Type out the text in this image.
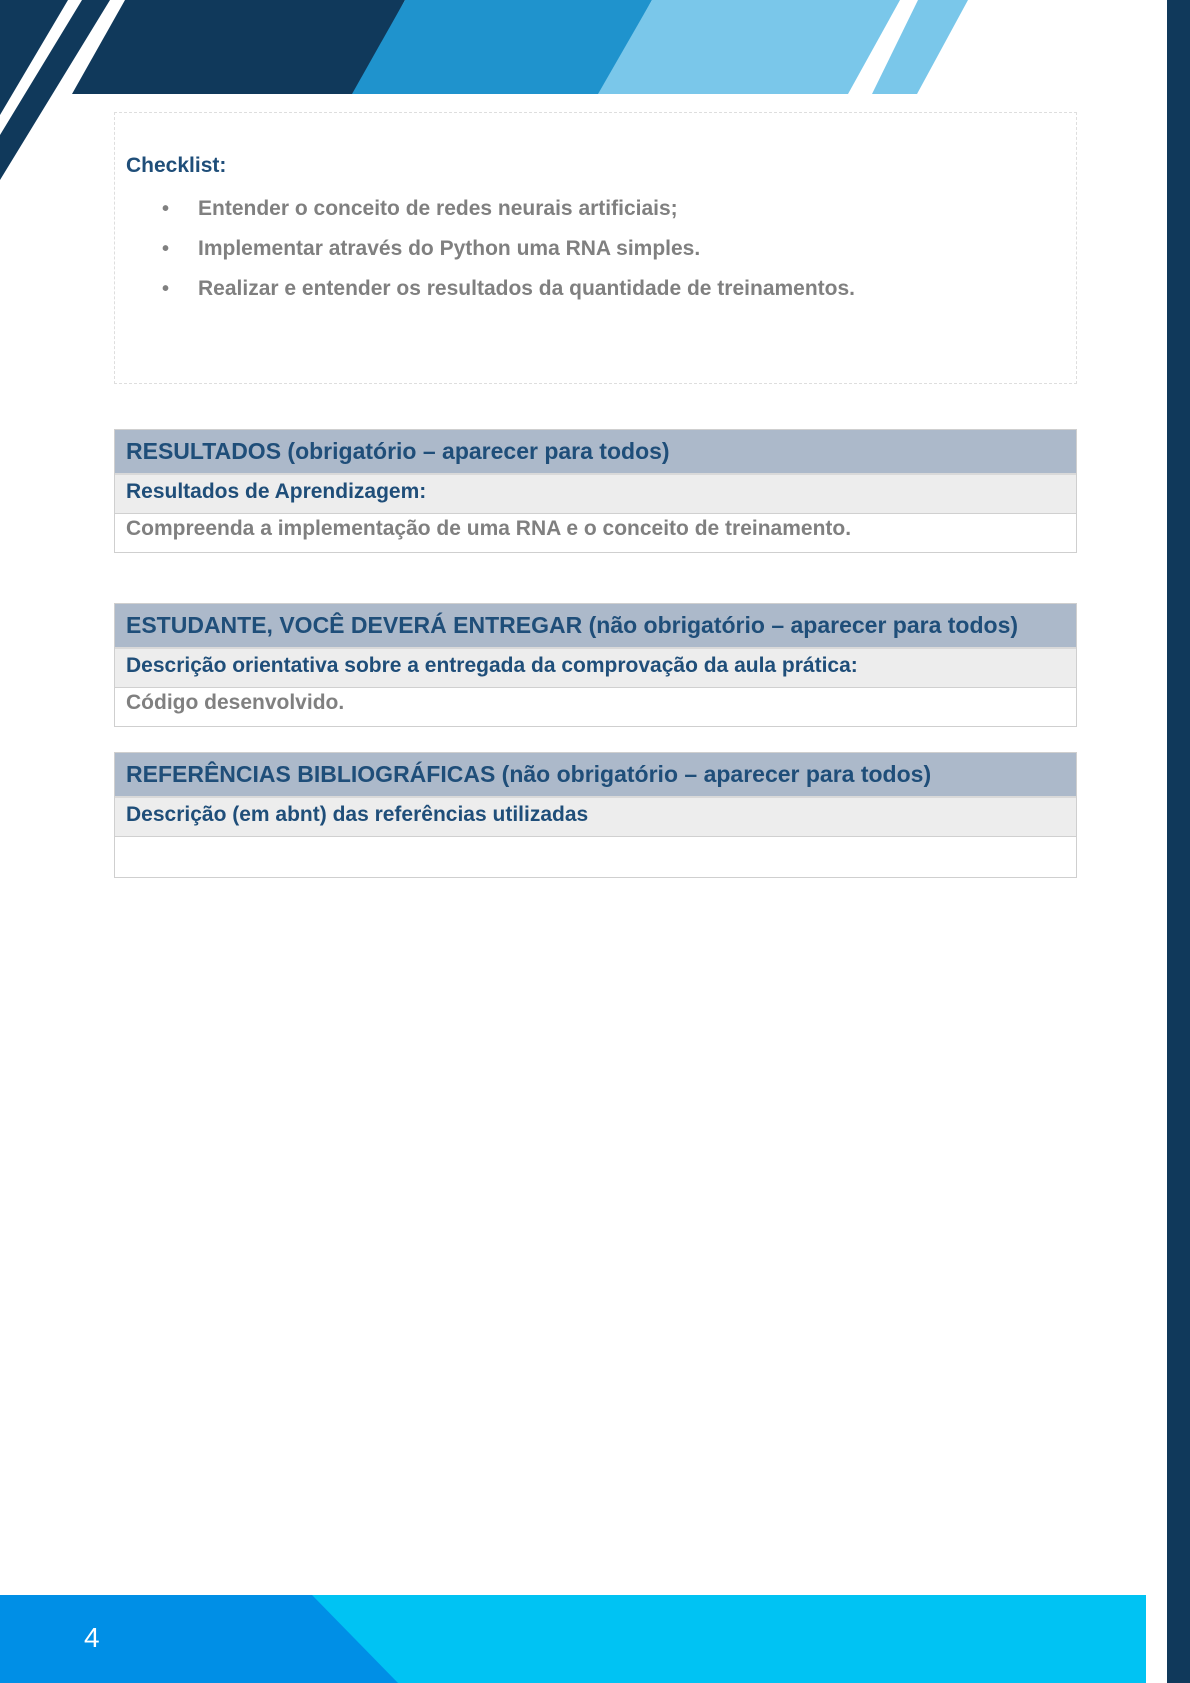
Checklist:

• Entender o conceito de redes neurais artificiais;
• Implementar através do Python uma RNA simples.
• Realizar e entender os resultados da quantidade de treinamentos.
RESULTADOS (obrigatório – aparecer para todos)
Resultados de Aprendizagem:
Compreenda a implementação de uma RNA e o conceito de treinamento.
ESTUDANTE, VOCÊ DEVERÁ ENTREGAR (não obrigatório – aparecer para todos)
Descrição orientativa sobre a entregada da comprovação da aula prática:
Código desenvolvido.
REFERÊNCIAS BIBLIOGRÁFICAS (não obrigatório – aparecer para todos)
Descrição (em abnt) das referências utilizadas
4
